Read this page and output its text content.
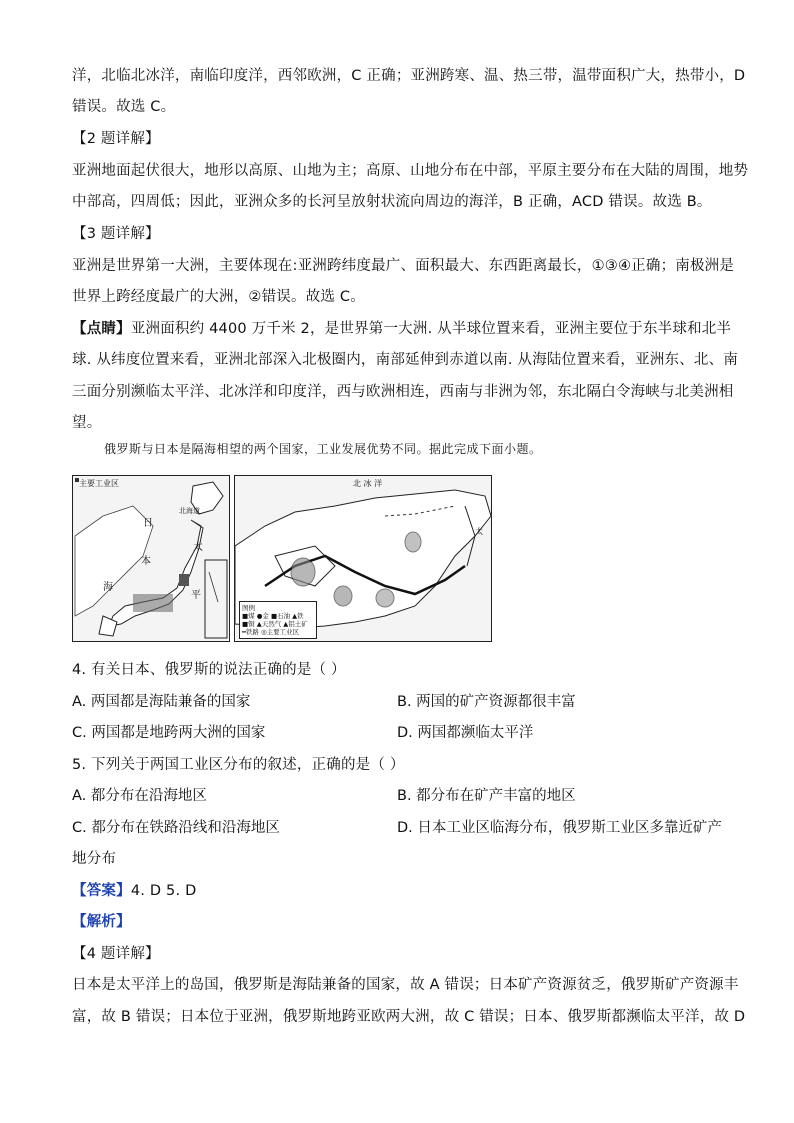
洋，北临北冰洋，南临印度洋，西邻欧洲，C 正确；亚洲跨寒、温、热三带，温带面积广大，热带小，D
错误。故选 C。
【2 题详解】
亚洲地面起伏很大，地形以高原、山地为主；高原、山地分布在中部，平原主要分布在大陆的周围，地势
中部高，四周低；因此，亚洲众多的长河呈放射状流向周边的海洋，B 正确，ACD 错误。故选 B。
【3 题详解】
亚洲是世界第一大洲，主要体现在:亚洲跨纬度最广、面积最大、东西距离最长，①③④正确；南极洲是
世界上跨经度最广的大洲，②错误。故选 C。
【点睛】亚洲面积约 4400 万千米 2，是世界第一大洲. 从半球位置来看，亚洲主要位于东半球和北半
球. 从纬度位置来看，亚洲北部深入北极圈内，南部延伸到赤道以南. 从海陆位置来看，亚洲东、北、南
三面分别濒临太平洋、北冰洋和印度洋，西与欧洲相连，西南与非洲为邻，东北隔白令海峡与北美洲相
望。
俄罗斯与日本是隔海相望的两个国家，工业发展优势不同。据此完成下面小题。
主要工业区
北海道
日
本
海
太
平
北 冰 洋
太
图例
■煤 ●金 ■石油 ▲铁
■铜 ▲天然气 ▲铝土矿
━铁路 ◎主要工业区
4. 有关日本、俄罗斯的说法正确的是（ ）
A. 两国都是海陆兼备的国家	B. 两国的矿产资源都很丰富
C. 两国都是地跨两大洲的国家	D. 两国都濒临太平洋
5. 下列关于两国工业区分布的叙述，正确的是（ ）
A. 都分布在沿海地区	B. 都分布在矿产丰富的地区
C. 都分布在铁路沿线和沿海地区	D. 日本工业区临海分布，俄罗斯工业区多靠近矿产
地分布
【答案】4. D 5. D
【解析】
【4 题详解】
日本是太平洋上的岛国，俄罗斯是海陆兼备的国家，故 A 错误；日本矿产资源贫乏，俄罗斯矿产资源丰
富，故 B 错误；日本位于亚洲，俄罗斯地跨亚欧两大洲，故 C 错误；日本、俄罗斯都濒临太平洋，故 D
